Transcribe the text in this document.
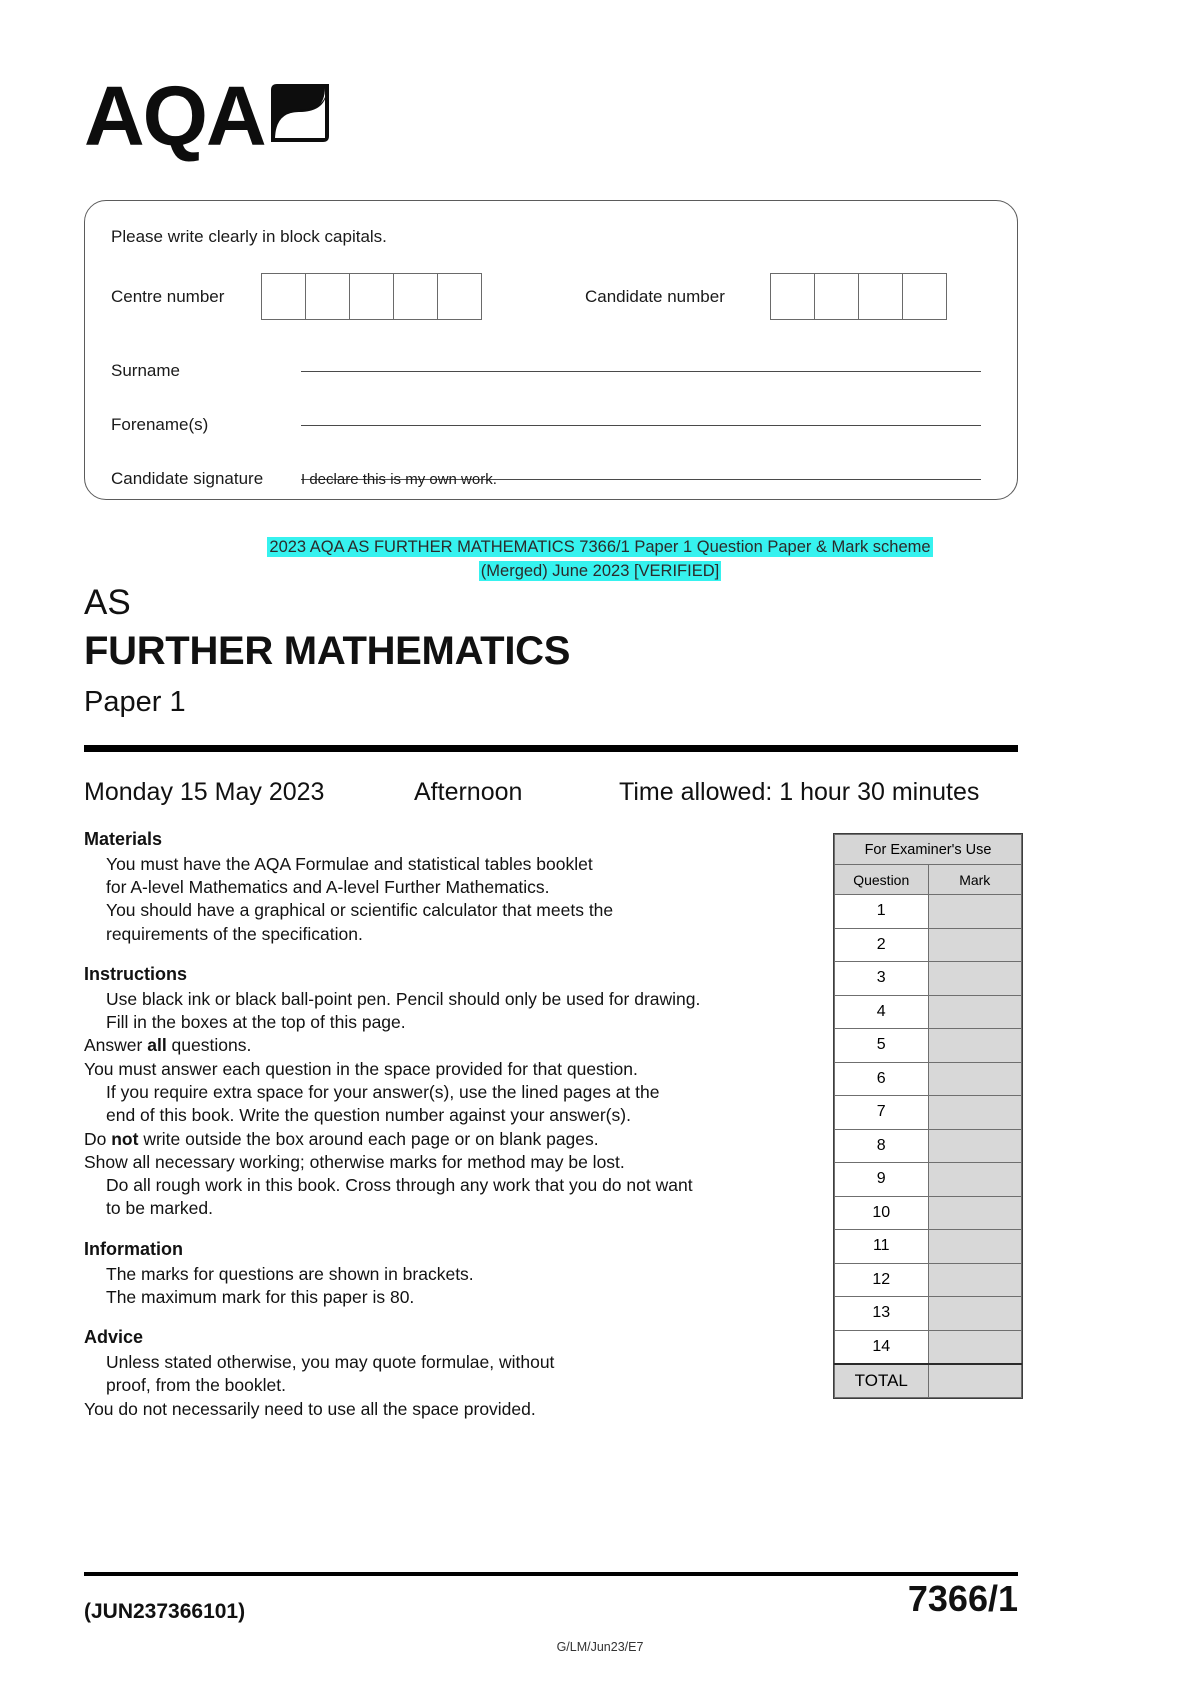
AQA
Please write clearly in block capitals.
Centre number	Candidate number
Surname
Forename(s)
Candidate signature	I declare this is my own work.
2023 AQA AS FURTHER MATHEMATICS 7366/1 Paper 1 Question Paper & Mark scheme
(Merged) June 2023 [VERIFIED]
AS
FURTHER MATHEMATICS
Paper 1
Monday 15 May 2023	Afternoon	Time allowed: 1 hour 30 minutes
Materials
You must have the AQA Formulae and statistical tables booklet
for A-level Mathematics and A-level Further Mathematics.
You should have a graphical or scientific calculator that meets the
requirements of the specification.
Instructions
Use black ink or black ball-point pen. Pencil should only be used for drawing.
Fill in the boxes at the top of this page.
Answer all questions.
You must answer each question in the space provided for that question.
If you require extra space for your answer(s), use the lined pages at the
end of this book. Write the question number against your answer(s).
Do not write outside the box around each page or on blank pages.
Show all necessary working; otherwise marks for method may be lost.
Do all rough work in this book. Cross through any work that you do not want
to be marked.
Information
The marks for questions are shown in brackets.
The maximum mark for this paper is 80.
Advice
Unless stated otherwise, you may quote formulae, without
proof, from the booklet.
You do not necessarily need to use all the space provided.
For Examiner's Use	
Question	Mark
1	
2	
3	
4	
5	
6	
7	
8	
9	
10	
11	
12	
13	
14	
TOTAL	
(JUN237366101)	7366/1
G/LM/Jun23/E7
